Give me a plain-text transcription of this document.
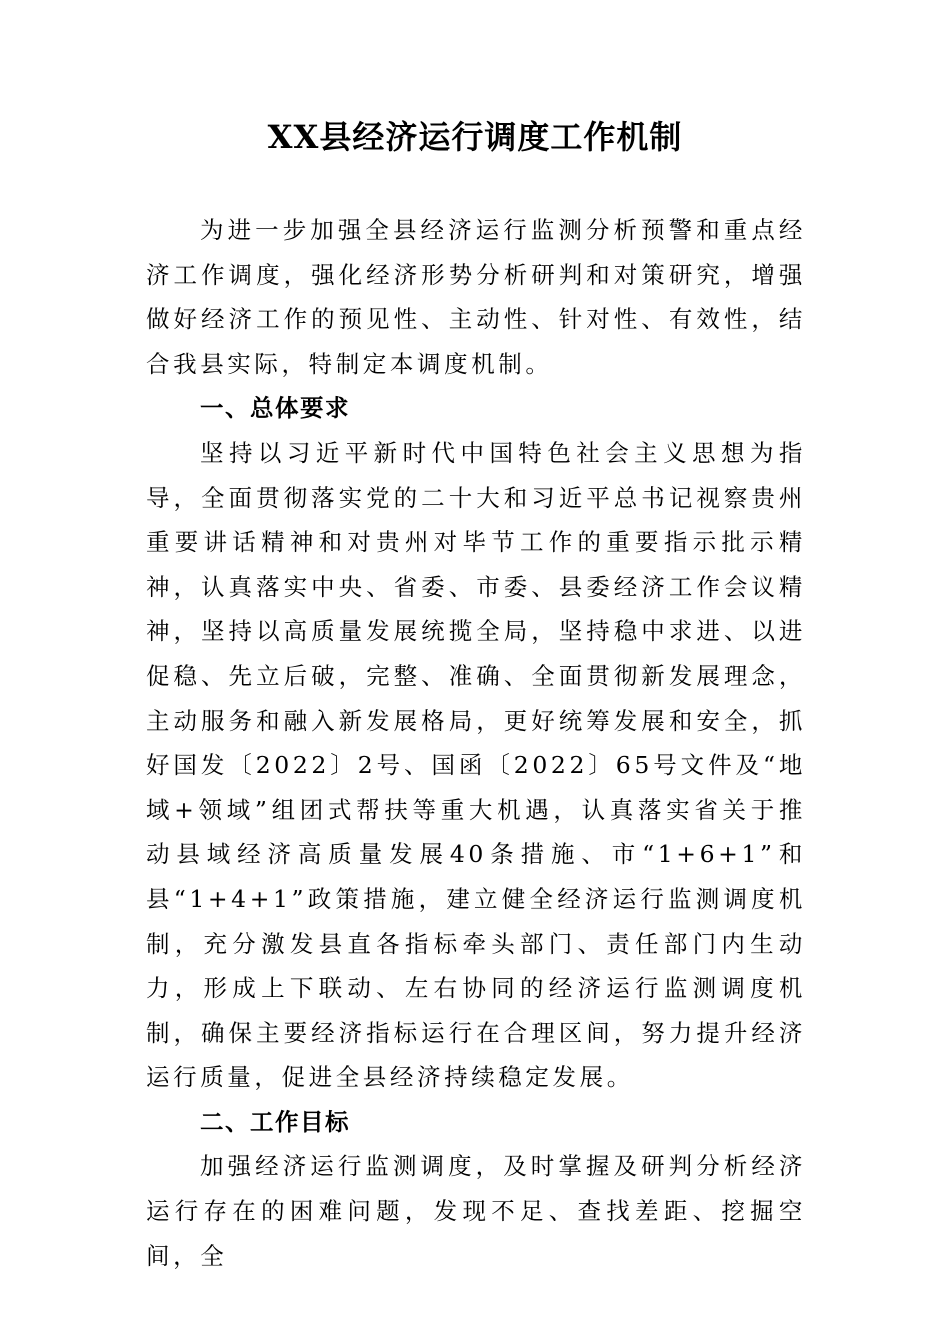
XX县经济运行调度工作机制

为进一步加强全县经济运行监测分析预警和重点经济工作调度，强化经济形势分析研判和对策研究，增强做好经济工作的预见性、主动性、针对性、有效性，结合我县实际，特制定本调度机制。

一、总体要求

坚持以习近平新时代中国特色社会主义思想为指导，全面贯彻落实党的二十大和习近平总书记视察贵州重要讲话精神和对贵州对毕节工作的重要指示批示精神，认真落实中央、省委、市委、县委经济工作会议精神，坚持以高质量发展统揽全局，坚持稳中求进、以进促稳、先立后破，完整、准确、全面贯彻新发展理念，主动服务和融入新发展格局，更好统筹发展和安全，抓好国发〔2022〕2号、国函〔2022〕65号文件及“地域+领域”组团式帮扶等重大机遇，认真落实省关于推动县域经济高质量发展40条措施、市“1+6+1”和县“1+4+1”政策措施，建立健全经济运行监测调度机制，充分激发县直各指标牵头部门、责任部门内生动力，形成上下联动、左右协同的经济运行监测调度机制，确保主要经济指标运行在合理区间，努力提升经济运行质量，促进全县经济持续稳定发展。

二、工作目标

加强经济运行监测调度，及时掌握及研判分析经济运行存在的困难问题，发现不足、查找差距、挖掘空间，全
